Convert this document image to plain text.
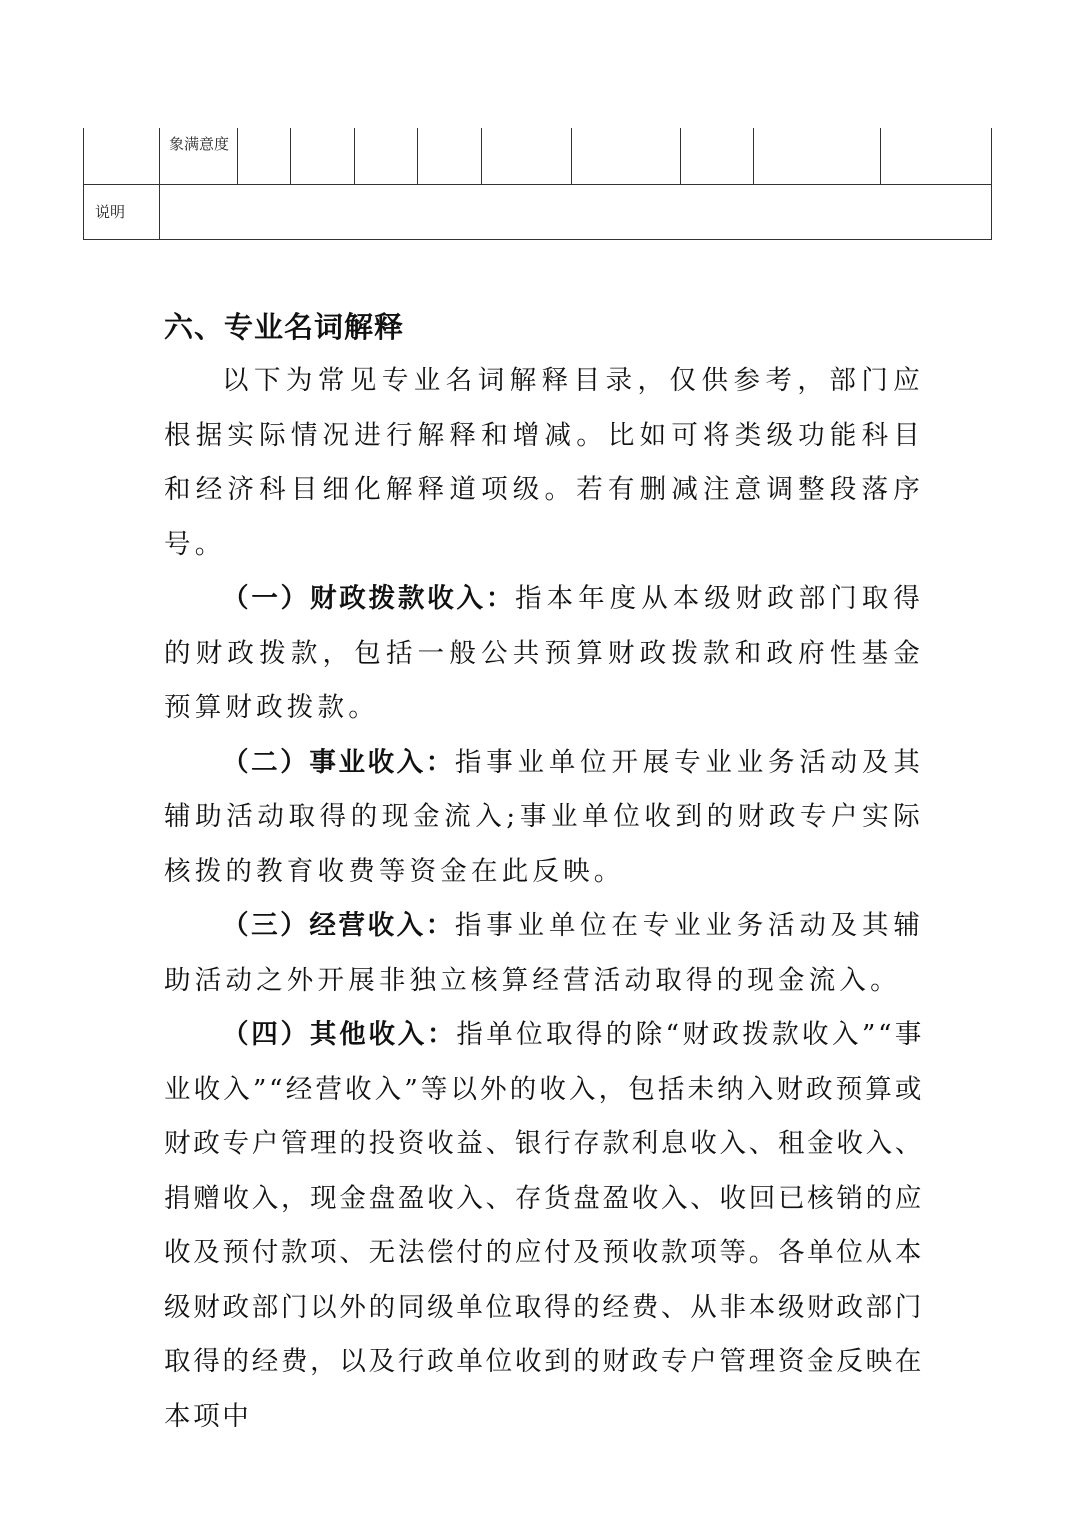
象满意度
说明
六、专业名词解释

以下为常见专业名词解释目录，仅供参考，部门应根据实际情况进行解释和增减。比如可将类级功能科目和经济科目细化解释道项级。若有删减注意调整段落序号。

（一）财政拨款收入：指本年度从本级财政部门取得的财政拨款，包括一般公共预算财政拨款和政府性基金预算财政拨款。

（二）事业收入：指事业单位开展专业业务活动及其辅助活动取得的现金流入;事业单位收到的财政专户实际核拨的教育收费等资金在此反映。

（三）经营收入：指事业单位在专业业务活动及其辅助活动之外开展非独立核算经营活动取得的现金流入。

（四）其他收入：指单位取得的除“财政拨款收入”“事业收入”“经营收入”等以外的收入，包括未纳入财政预算或财政专户管理的投资收益、银行存款利息收入、租金收入、捐赠收入，现金盘盈收入、存货盘盈收入、收回已核销的应收及预付款项、无法偿付的应付及预收款项等。各单位从本级财政部门以外的同级单位取得的经费、从非本级财政部门取得的经费，以及行政单位收到的财政专户管理资金反映在本项中
